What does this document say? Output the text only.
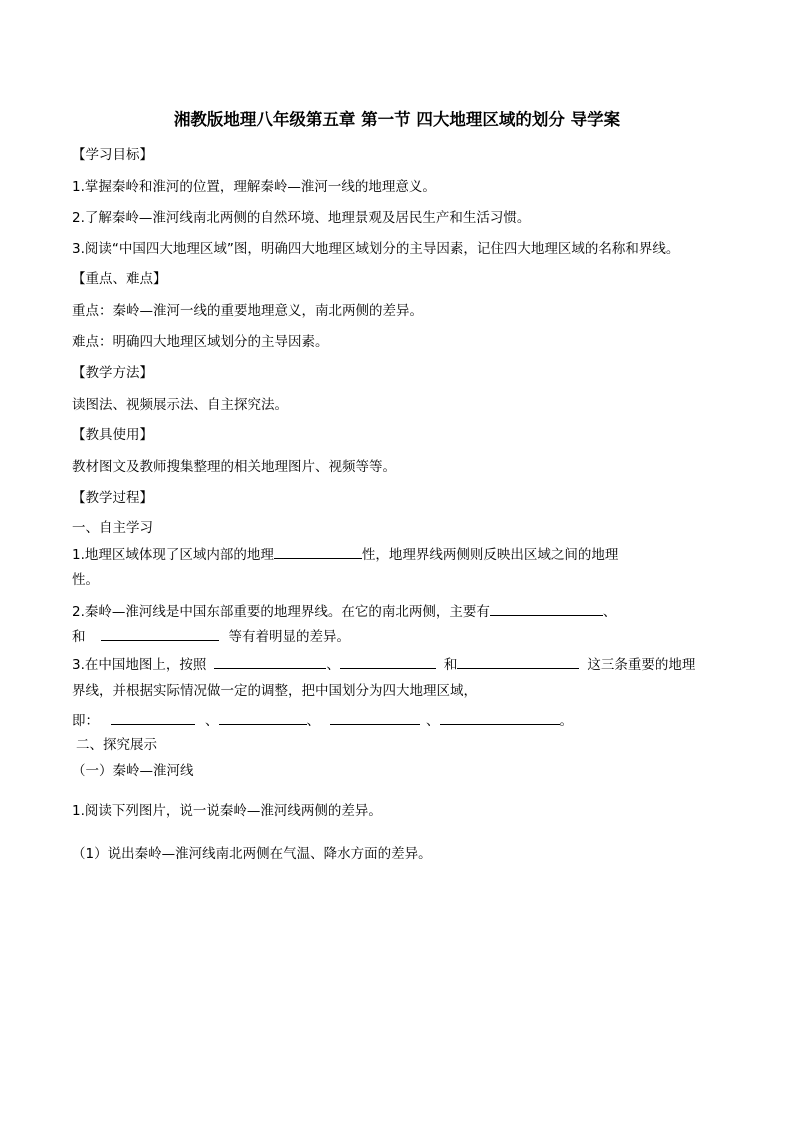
湘教版地理八年级第五章 第一节 四大地理区域的划分 导学案
【学习目标】
1.掌握秦岭和淮河的位置，理解秦岭—淮河一线的地理意义。
2.了解秦岭—淮河线南北两侧的自然环境、地理景观及居民生产和生活习惯。
3.阅读“中国四大地理区域”图，明确四大地理区域划分的主导因素，记住四大地理区域的名称和界线。
【重点、难点】
重点：秦岭—淮河一线的重要地理意义，南北两侧的差异。
难点：明确四大地理区域划分的主导因素。
【教学方法】
读图法、视频展示法、自主探究法。
【教具使用】
教材图文及教师搜集整理的相关地理图片、视频等等。
【教学过程】
一、自主学习
1.地理区域体现了区域内部的地理	性，地理界线两侧则反映出区域之间的地理
性。
2.秦岭—淮河线是中国东部重要的地理界线。在它的南北两侧，主要有	、
和	等有着明显的差异。
3.在中国地图上，按照	、	和	这三条重要的地理
界线，并根据实际情况做一定的调整，把中国划分为四大地理区域，
即：	、	、	、	。
二、探究展示
（一）秦岭—淮河线
1.阅读下列图片，说一说秦岭—淮河线两侧的差异。
（1）说出秦岭—淮河线南北两侧在气温、降水方面的差异。
